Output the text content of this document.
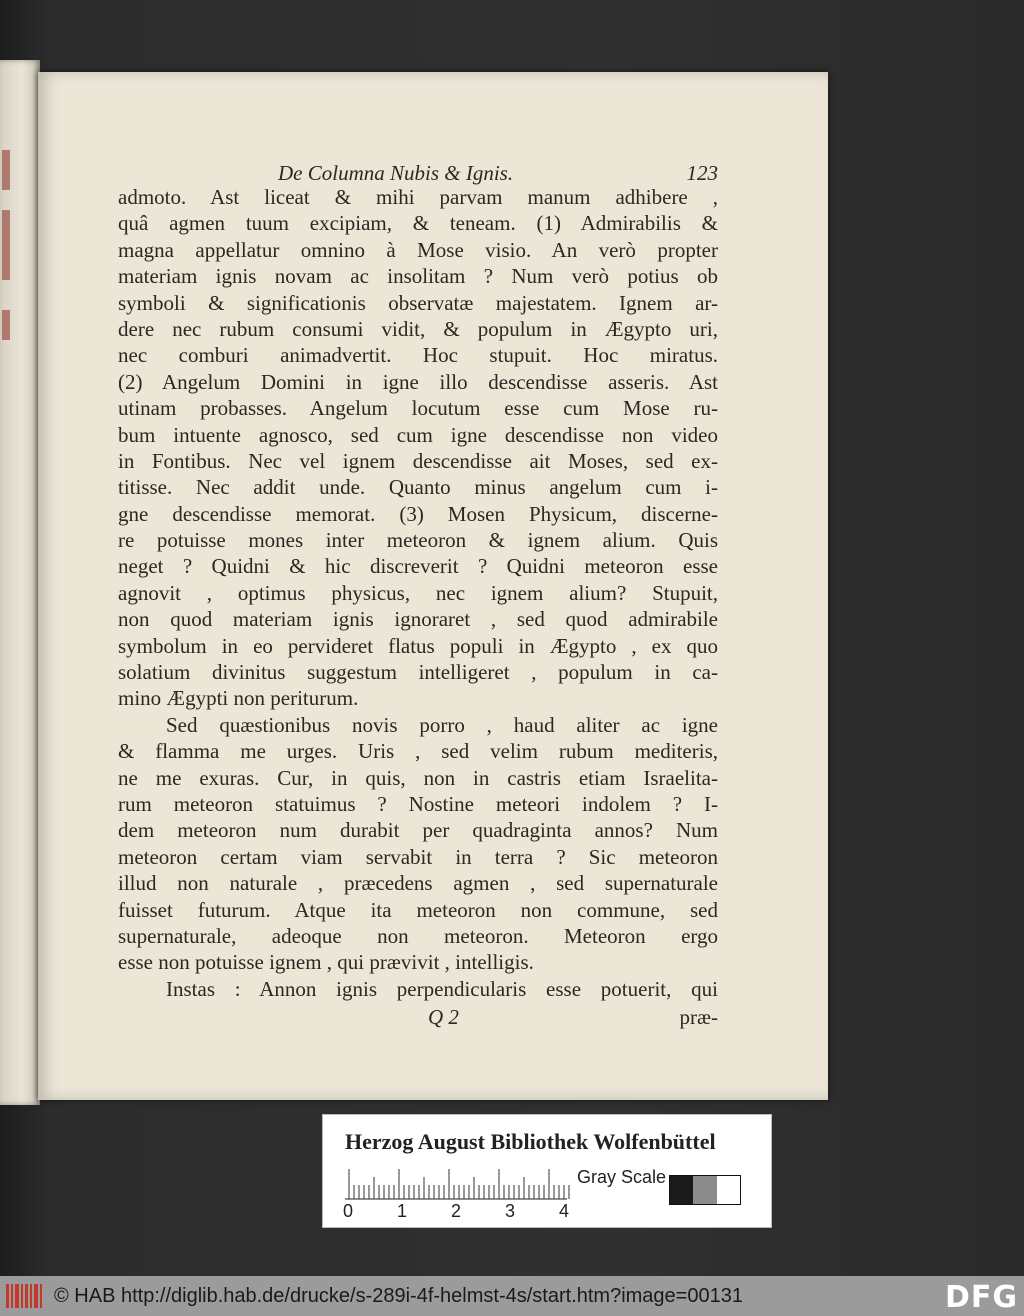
De Columna Nubis & Ignis.	123
admoto. Ast liceat & mihi parvam manum adhibere ,
quâ agmen tuum excipiam, & teneam. (1) Admirabilis &
magna appellatur omnino à Mose visio. An verò propter
materiam ignis novam ac insolitam ? Num verò potius ob
symboli & significationis observatæ majestatem. Ignem ar-
dere nec rubum consumi vidit, & populum in Ægypto uri,
nec comburi animadvertit. Hoc stupuit. Hoc miratus.
(2) Angelum Domini in igne illo descendisse asseris. Ast
utinam probasses. Angelum locutum esse cum Mose ru-
bum intuente agnosco, sed cum igne descendisse non video
in Fontibus. Nec vel ignem descendisse ait Moses, sed ex-
titisse. Nec addit unde. Quanto minus angelum cum i-
gne descendisse memorat. (3) Mosen Physicum, discerne-
re potuisse mones inter meteoron & ignem alium. Quis
neget ? Quidni & hic discreverit ? Quidni meteoron esse
agnovit , optimus physicus, nec ignem alium? Stupuit,
non quod materiam ignis ignoraret , sed quod admirabile
symbolum in eo pervideret flatus populi in Ægypto , ex quo
solatium divinitus suggestum intelligeret , populum in ca-
mino Ægypti non periturum.
Sed quæstionibus novis porro , haud aliter ac igne
& flamma me urges. Uris , sed velim rubum mediteris,
ne me exuras. Cur, in quis, non in castris etiam Israelita-
rum meteoron statuimus ? Nostine meteori indolem ? I-
dem meteoron num durabit per quadraginta annos? Num
meteoron certam viam servabit in terra ? Sic meteoron
illud non naturale , præcedens agmen , sed supernaturale
fuisset futurum. Atque ita meteoron non commune, sed
supernaturale, adeoque non meteoron. Meteoron ergo
esse non potuisse ignem , qui prævivit , intelligis.
Instas : Annon ignis perpendicularis esse potuerit, qui
Q 2	præ-
Herzog August Bibliothek Wolfenbüttel
0 1 2 3 4
Gray Scale
© HAB http://diglib.hab.de/drucke/s-289i-4f-helmst-4s/start.htm?image=00131	DFG
